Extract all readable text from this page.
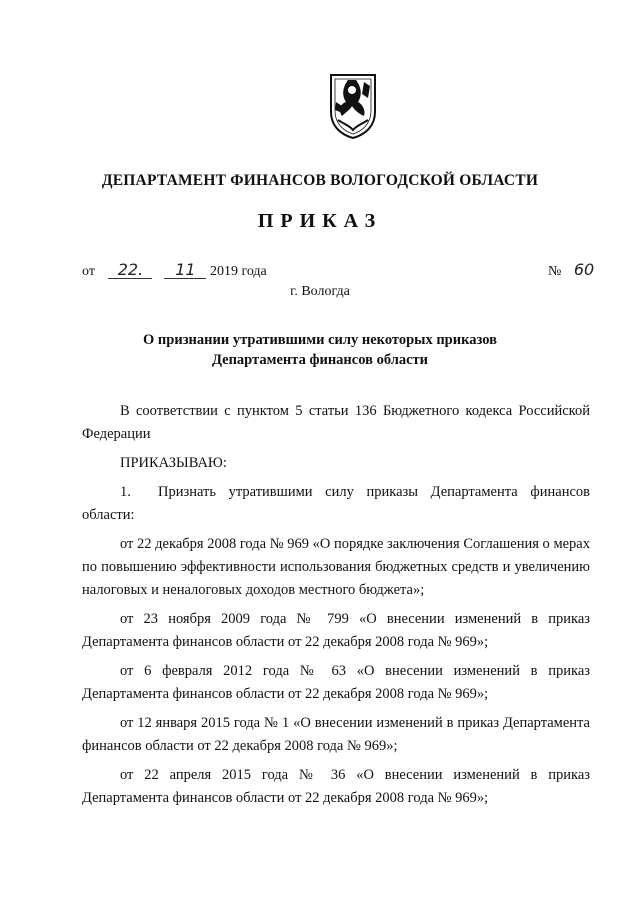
ДЕПАРТАМЕНТ ФИНАНСОВ ВОЛОГОДСКОЙ ОБЛАСТИ
ПРИКАЗ
от 22. 11 2019 года	№ 60
г. Вологда
О признании утратившими силу некоторых приказов
Департамента финансов области

В соответствии с пунктом 5 статьи 136 Бюджетного кодекса Российской Федерации

ПРИКАЗЫВАЮ:

1. Признать утратившими силу приказы Департамента финансов области:

от 22 декабря 2008 года № 969 «О порядке заключения Соглашения о мерах по повышению эффективности использования бюджетных средств и увеличению налоговых и неналоговых доходов местного бюджета»;
от 23 ноября 2009 года № 799 «О внесении изменений в приказ Департамента финансов области от 22 декабря 2008 года № 969»;
от 6 февраля 2012 года № 63 «О внесении изменений в приказ Департамента финансов области от 22 декабря 2008 года № 969»;
от 12 января 2015 года № 1 «О внесении изменений в приказ Департамента финансов области от 22 декабря 2008 года № 969»;
от 22 апреля 2015 года № 36 «О внесении изменений в приказ Департамента финансов области от 22 декабря 2008 года № 969»;
